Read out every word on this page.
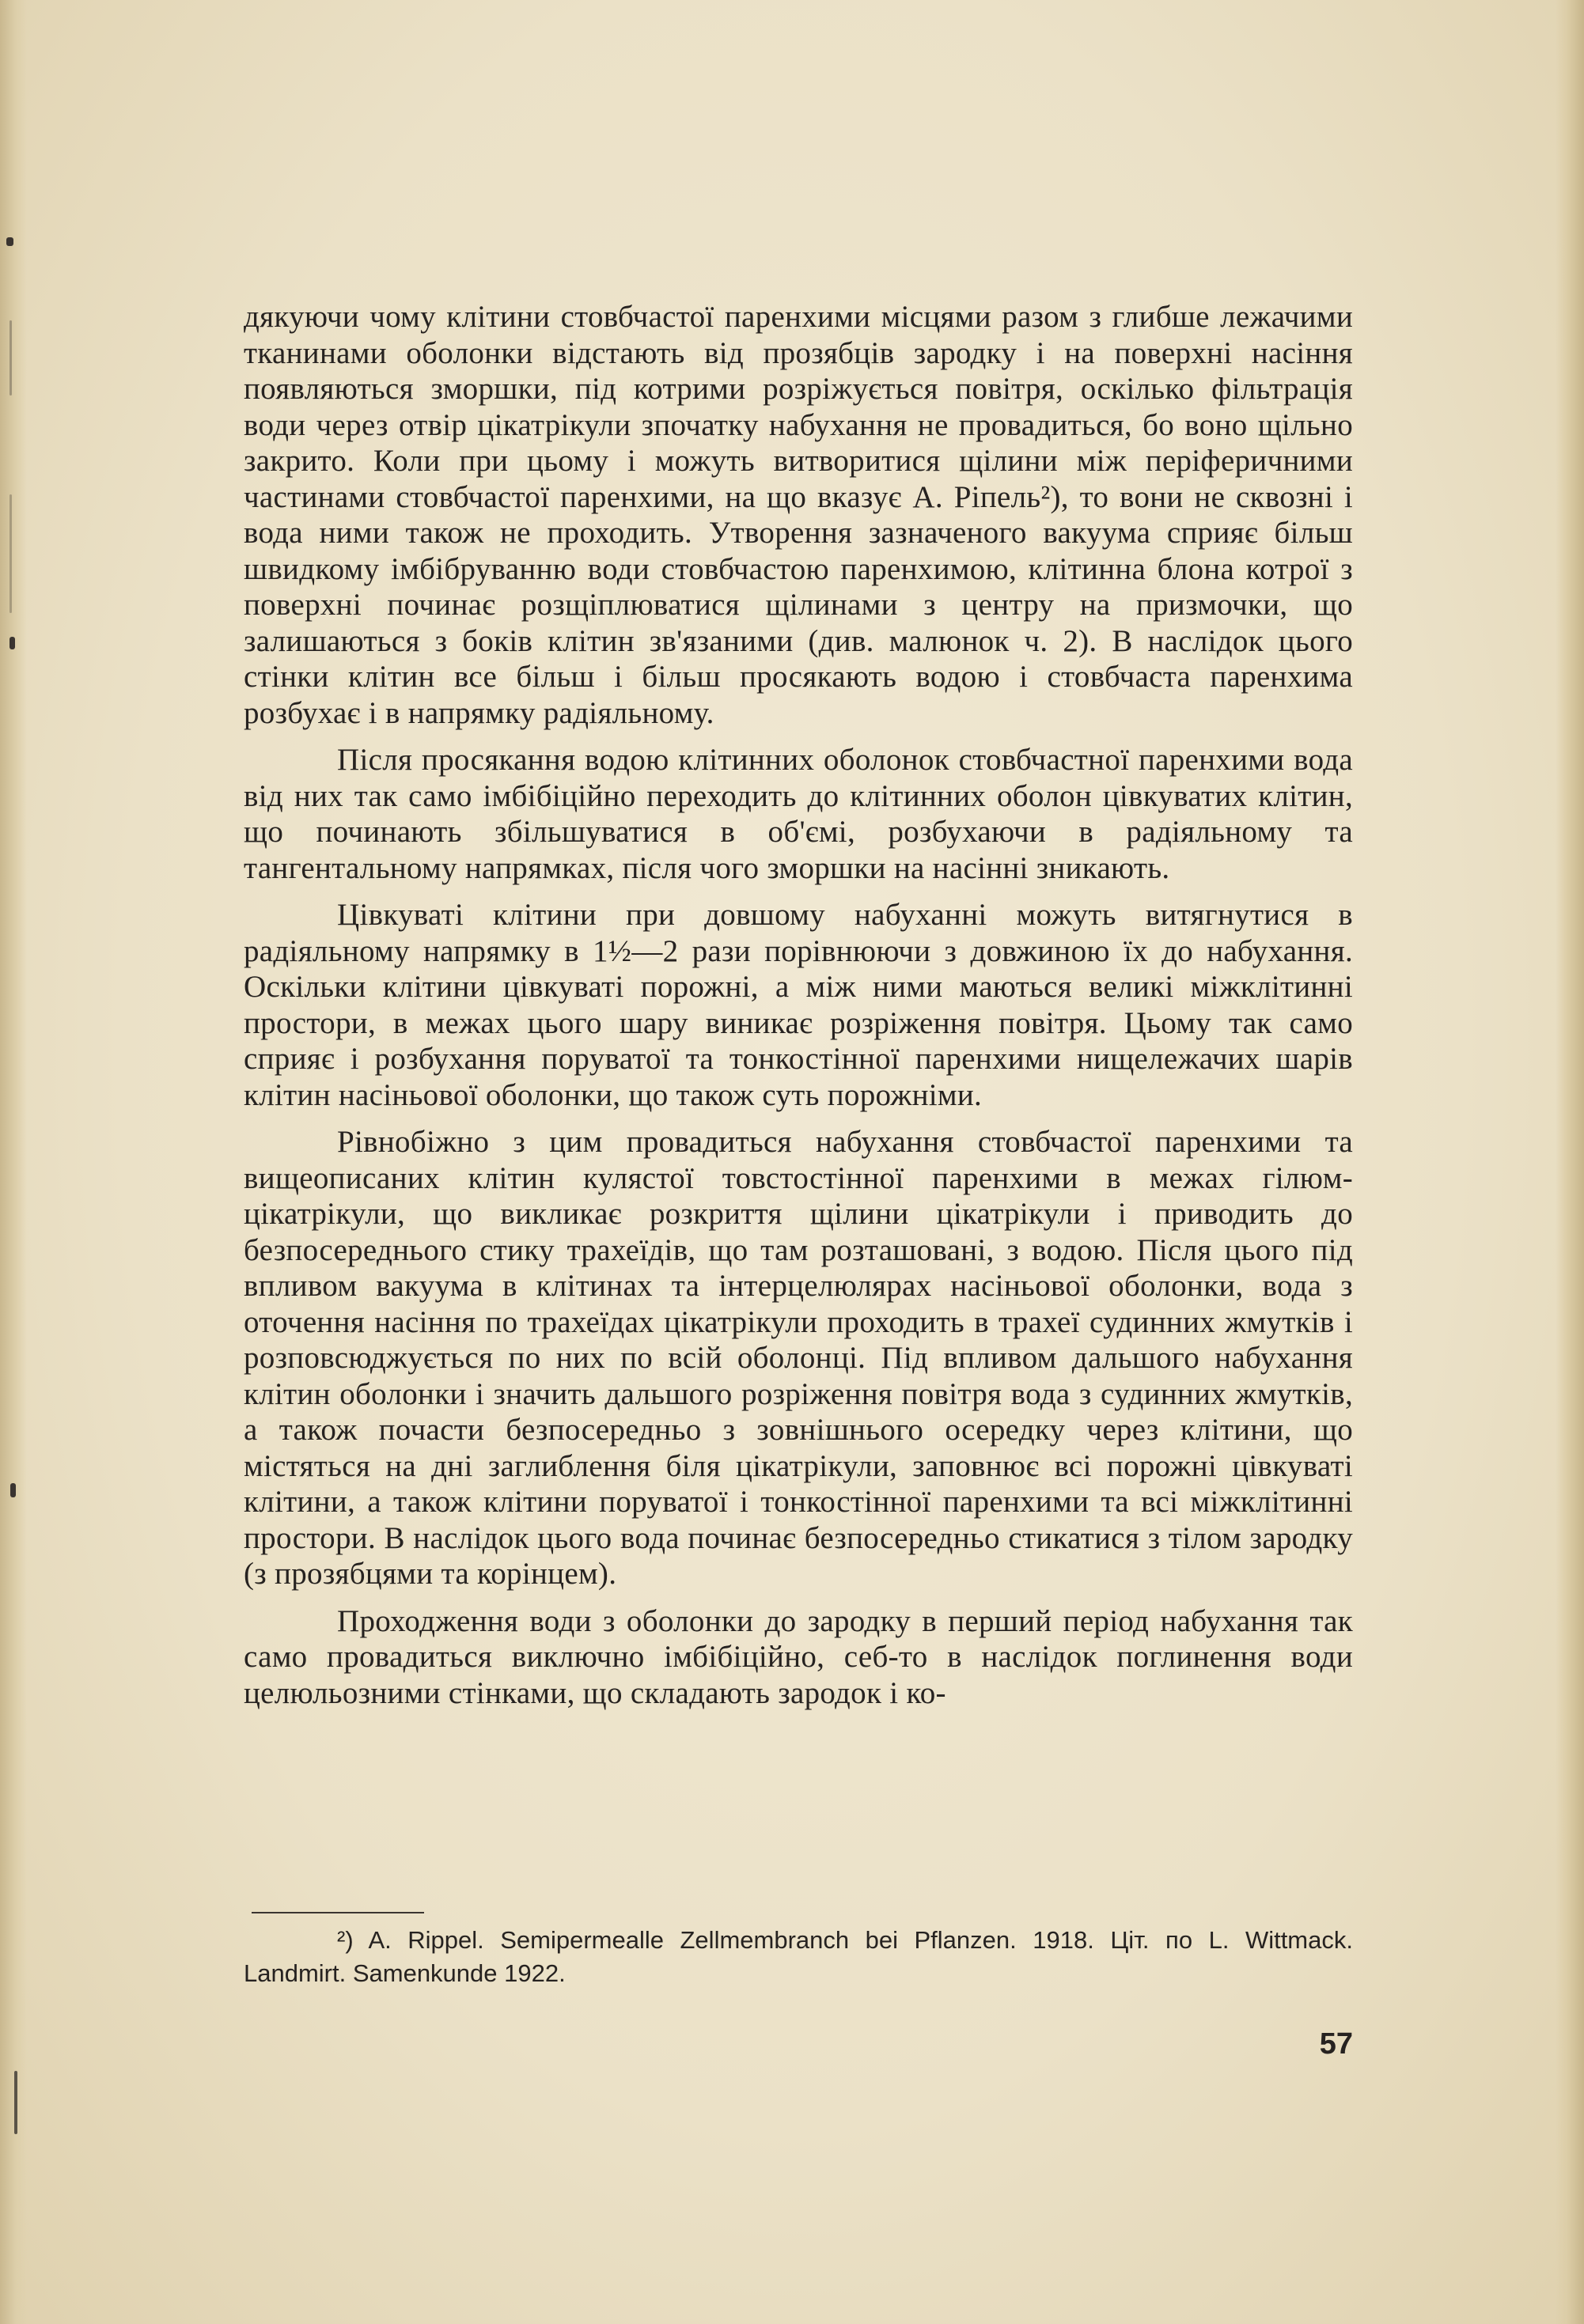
дякуючи чому клітини стовбчастої паренхими місцями разом з глибше лежачими тканинами оболонки відстають від прозябців зародку і на поверхні насіння появляються зморшки, під котрими розріжується повітря, оскілько фільтрація води через отвір цікатрікули зпочатку набухання не провадиться, бо воно щільно закрито. Коли при цьому і можуть витворитися щілини між періферичними частинами стовбчастої паренхими, на що вказує А. Ріпель²), то вони не сквозні і вода ними також не проходить. Утворення зазначеного вакуума сприяє більш швидкому імбібруванню води стовбчастою паренхимою, клітинна блона котрої з поверхні починає розщіплюватися щілинами з центру на призмочки, що залишаються з боків клітин зв'язаними (див. малюнок ч. 2). В наслідок цього стінки клітин все більш і більш просякають водою і стовбчаста паренхима розбухає і в напрямку радіяльному.

Після просякання водою клітинних оболонок стовбчастної паренхими вода від них так само імбібіційно переходить до клітинних оболон цівкуватих клітин, що починають збільшуватися в об'ємі, розбухаючи в радіяльному та тангентальному напрямках, після чого зморшки на насінні зникають.

Цівкуваті клітини при довшому набуханні можуть витягнутися в радіяльному напрямку в 1½—2 рази порівнюючи з довжиною їх до набухання. Оскільки клітини цівкуваті порожні, а між ними маються великі міжклітинні простори, в межах цього шару виникає розріження повітря. Цьому так само сприяє і розбухання поруватої та тонкостінної паренхими нищележачих шарів клітин насіньової оболонки, що також суть порожніми.

Рівнобіжно з цим провадиться набухання стовбчастої паренхими та вищеописаних клітин кулястої товстостінної паренхими в межах гілюм-цікатрікули, що викликає розкриття щілини цікатрікули і приводить до безпосереднього стику трахеїдів, що там розташовані, з водою. Після цього під впливом вакуума в клітинах та інтерцелюлярах насіньової оболонки, вода з оточення насіння по трахеїдах цікатрікули проходить в трахеї судинних жмутків і розповсюджується по них по всій оболонці. Під впливом дальшого набухання клітин оболонки і значить дальшого розріження повітря вода з судинних жмутків, а також почасти безпосередньо з зовнішнього осередку через клітини, що містяться на дні заглиблення біля цікатрікули, заповнює всі порожні цівкуваті клітини, а також клітини поруватої і тонкостінної паренхими та всі міжклітинні простори. В наслідок цього вода починає безпосередньо стикатися з тілом зародку (з прозябцями та корінцем).

Проходження води з оболонки до зародку в перший період набухання так само провадиться виключно імбібіційно, себ-то в наслідок поглинення води целюльозними стінками, що складають зародок і ко-

²) A. Rippel. Semipermealle Zellmembranch bei Pflanzen. 1918. Ціт. по L. Wittmack. Landmirt. Samenkunde 1922.
57
